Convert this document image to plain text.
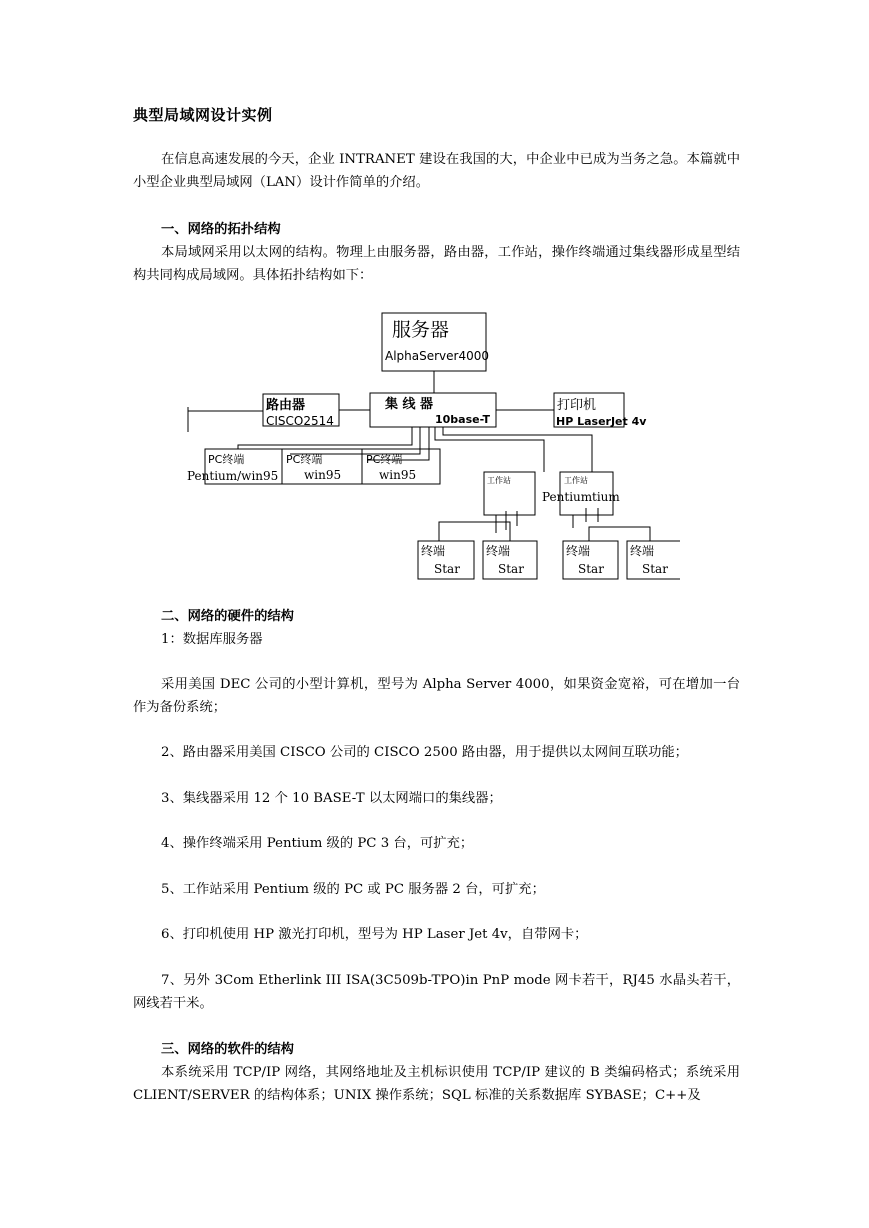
典型局域网设计实例

在信息高速发展的今天，企业 INTRANET 建设在我国的大，中企业中已成为当务之急。本篇就中小型企业典型局域网（LAN）设计作简单的介绍。

一、网络的拓扑结构

本局域网采用以太网的结构。物理上由服务器，路由器，工作站，操作终端通过集线器形成星型结构共同构成局域网。具体拓扑结构如下：

服务器
AlphaServer4000
集 线 器
10base-T
路由器
CISCO2514
打印机
HP LaserJet 4v
PC终端
Pentium/win95
PC终端
win95
PC终端
win95	工作站
Pentium
工作站
tium
终端
Star
终端
Star
终端
Star
终端
Star
二、网络的硬件的结构

1：数据库服务器

采用美国 DEC 公司的小型计算机，型号为 Alpha Server 4000，如果资金宽裕，可在增加一台作为备份系统；

2、路由器采用美国 CISCO 公司的 CISCO 2500 路由器，用于提供以太网间互联功能；

3、集线器采用 12 个 10 BASE-T 以太网端口的集线器；

4、操作终端采用 Pentium 级的 PC 3 台，可扩充；

5、工作站采用 Pentium 级的 PC 或 PC 服务器 2 台，可扩充；

6、打印机使用 HP 激光打印机，型号为 HP Laser Jet 4v，自带网卡；

7、另外 3Com Etherlink III ISA(3C509b-TPO)in PnP mode 网卡若干，RJ45 水晶头若干，网线若干米。

三、网络的软件的结构

本系统采用 TCP/IP 网络，其网络地址及主机标识使用 TCP/IP 建议的 B 类编码格式；系统采用 CLIENT/SERVER 的结构体系；UNIX 操作系统；SQL 标准的关系数据库 SYBASE；C++及
